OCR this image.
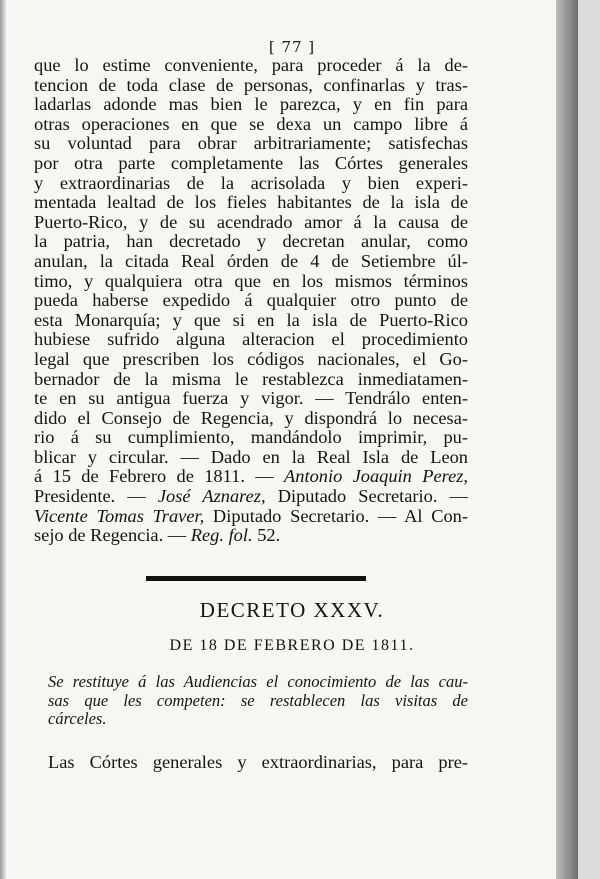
[ 77 ]
que lo estime conveniente, para proceder á la de-
tencion de toda clase de personas, confinarlas y tras-
ladarlas adonde mas bien le parezca, y en fin para
otras operaciones en que se dexa un campo libre á
su voluntad para obrar arbitrariamente; satisfechas
por otra parte completamente las Córtes generales
y extraordinarias de la acrisolada y bien experi-
mentada lealtad de los fieles habitantes de la isla de
Puerto-Rico, y de su acendrado amor á la causa de
la patria, han decretado y decretan anular, como
anulan, la citada Real órden de 4 de Setiembre úl-
timo, y qualquiera otra que en los mismos términos
pueda haberse expedido á qualquier otro punto de
esta Monarquía; y que si en la isla de Puerto-Rico
hubiese sufrido alguna alteracion el procedimiento
legal que prescriben los códigos nacionales, el Go-
bernador de la misma le restablezca inmediatamen-
te en su antigua fuerza y vigor. — Tendrálo enten-
dido el Consejo de Regencia, y dispondrá lo necesa-
rio á su cumplimiento, mandándolo imprimir, pu-
blicar y circular. — Dado en la Real Isla de Leon
á 15 de Febrero de 1811. — Antonio Joaquin Perez,
Presidente. — José Aznarez, Diputado Secretario. —
Vicente Tomas Traver, Diputado Secretario. — Al Con-
sejo de Regencia. — Reg. fol. 52.
DECRETO XXXV.
DE 18 DE FEBRERO DE 1811.
Se restituye á las Audiencias el conocimiento de las cau-
sas que les competen: se restablecen las visitas de
cárceles.
Las Córtes generales y extraordinarias, para pre-
